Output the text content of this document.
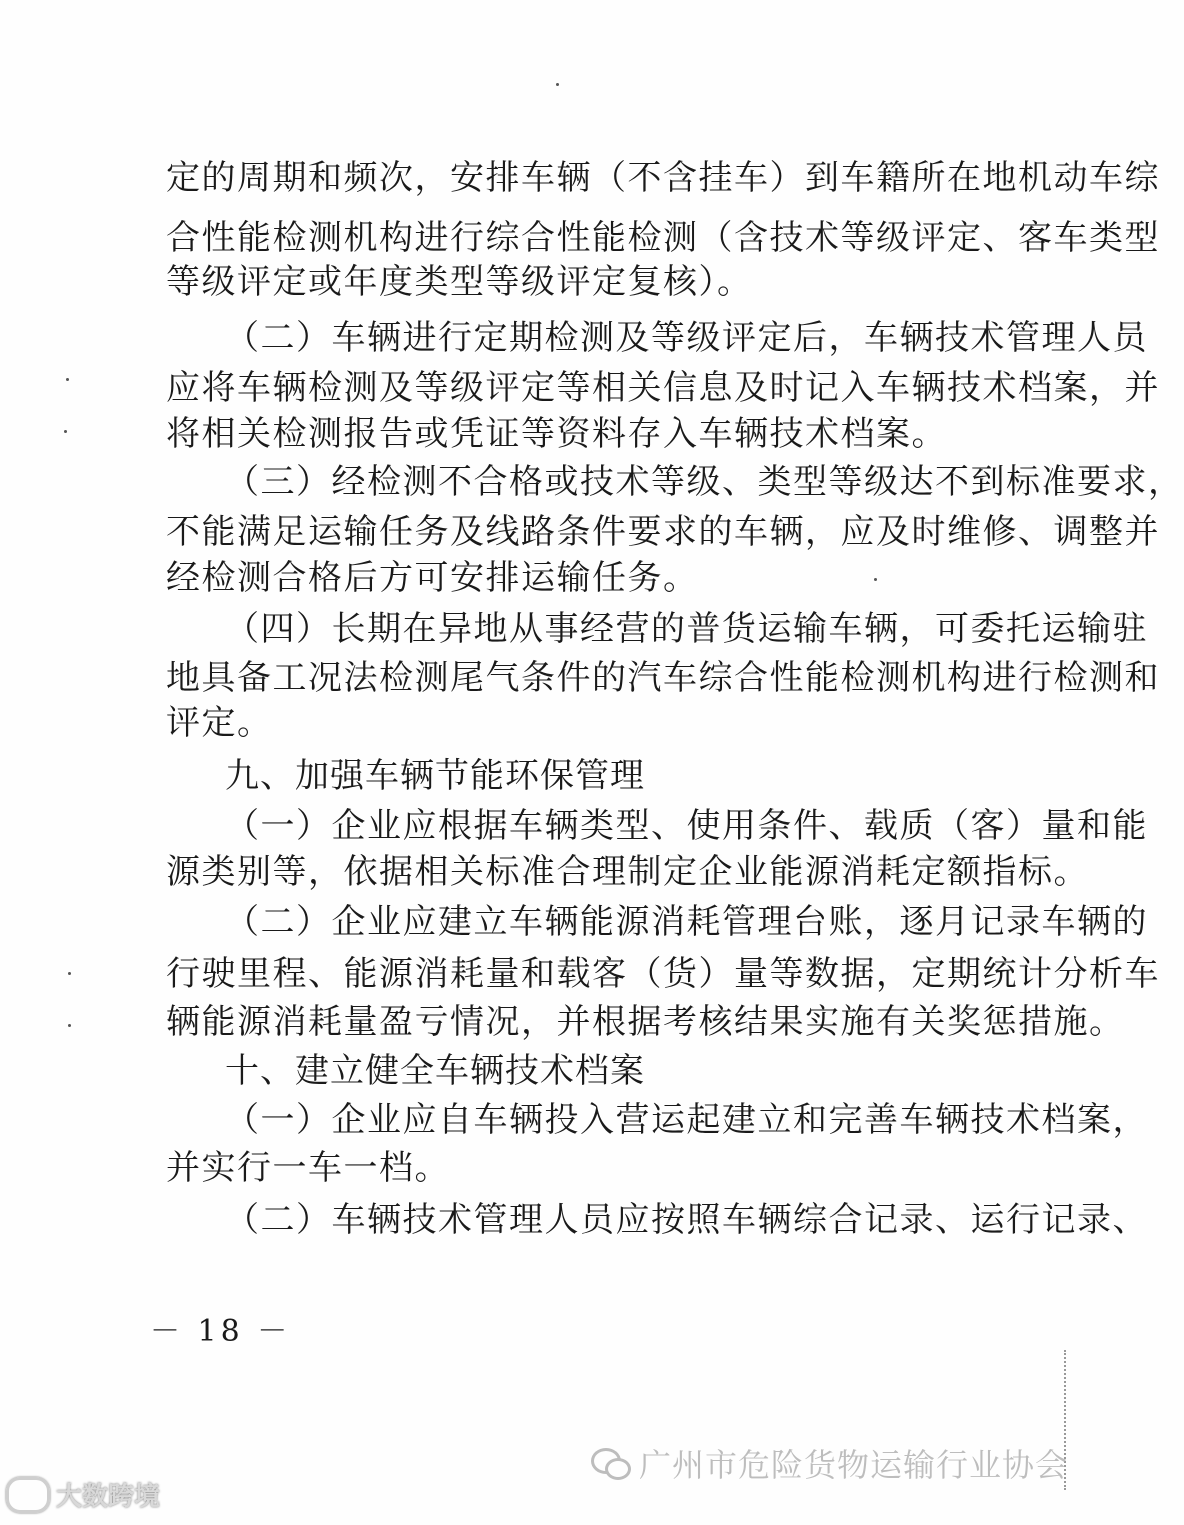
定的周期和频次，安排车辆（不含挂车）到车籍所在地机动车综
合性能检测机构进行综合性能检测（含技术等级评定、客车类型
等级评定或年度类型等级评定复核）。
（二）车辆进行定期检测及等级评定后，车辆技术管理人员
应将车辆检测及等级评定等相关信息及时记入车辆技术档案，并
将相关检测报告或凭证等资料存入车辆技术档案。
（三）经检测不合格或技术等级、类型等级达不到标准要求，
不能满足运输任务及线路条件要求的车辆，应及时维修、调整并
经检测合格后方可安排运输任务。
（四）长期在异地从事经营的普货运输车辆，可委托运输驻
地具备工况法检测尾气条件的汽车综合性能检测机构进行检测和
评定。
九、加强车辆节能环保管理
（一）企业应根据车辆类型、使用条件、载质（客）量和能
源类别等，依据相关标准合理制定企业能源消耗定额指标。
（二）企业应建立车辆能源消耗管理台账，逐月记录车辆的
行驶里程、能源消耗量和载客（货）量等数据，定期统计分析车
辆能源消耗量盈亏情况，并根据考核结果实施有关奖惩措施。
十、建立健全车辆技术档案
（一）企业应自车辆投入营运起建立和完善车辆技术档案，
并实行一车一档。
（二）车辆技术管理人员应按照车辆综合记录、运行记录、
－ 18 －
大数跨境
广州市危险货物运输行业协会
